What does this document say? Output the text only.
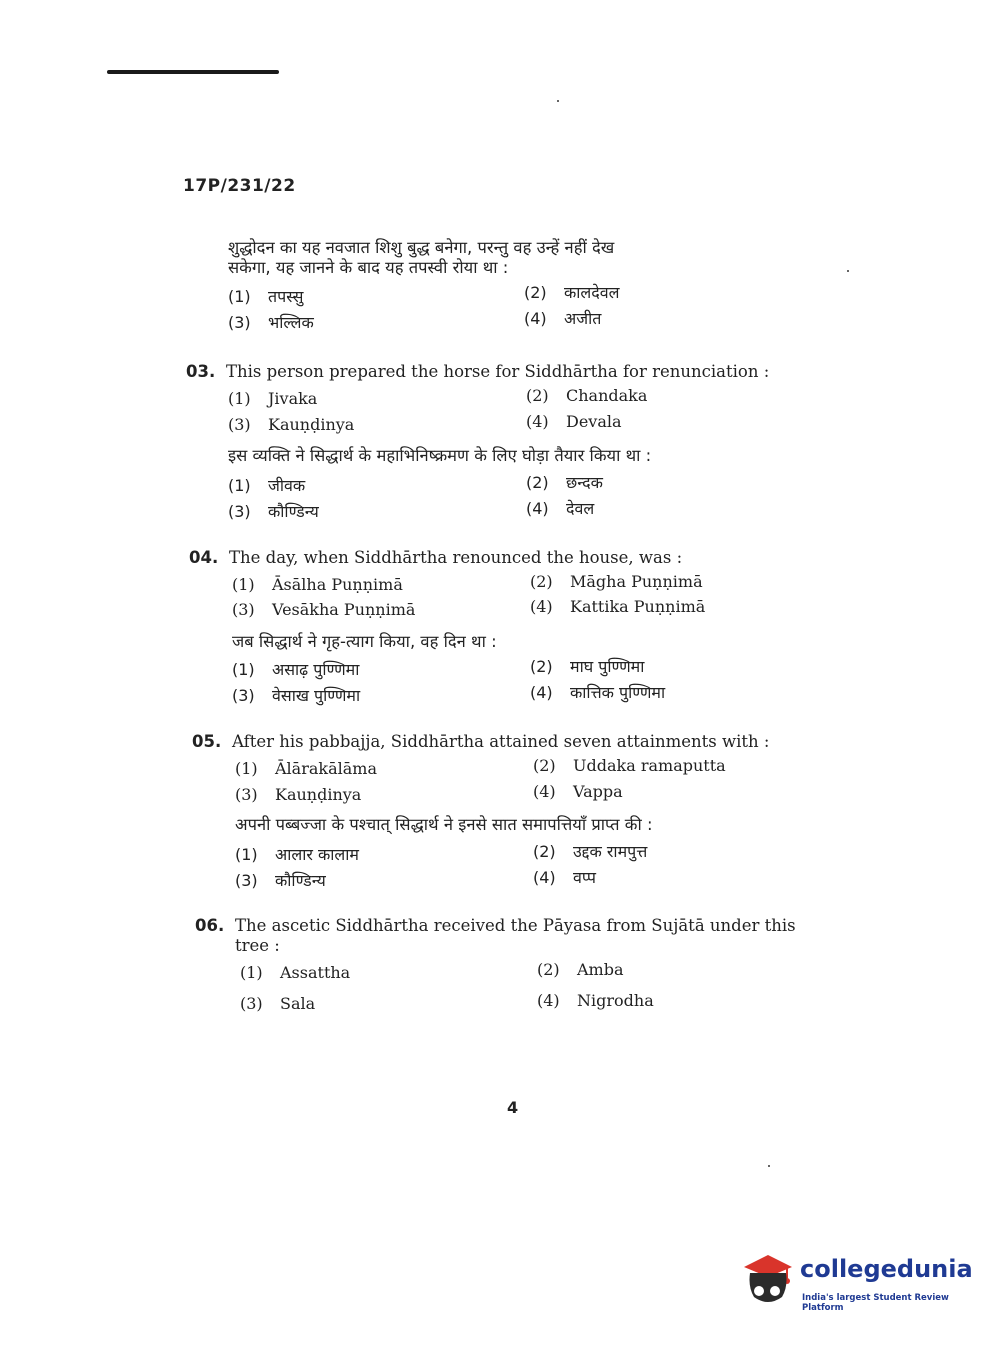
17P/231/22
शुद्धोदन का यह नवजात शिशु बुद्ध बनेगा, परन्तु वह उन्हें नहीं देख
सकेगा, यह जानने के बाद यह तपस्वी रोया था :
(1) तपस्सु	(2) कालदेवल
(3) भल्लिक	(4) अजीत
03. This person prepared the horse for Siddhārtha for renunciation :
(1) Jivaka	(2) Chandaka
(3) Kauṇḍinya	(4) Devala
इस व्यक्ति ने सिद्धार्थ के महाभिनिष्क्रमण के लिए घोड़ा तैयार किया था :
(1) जीवक	(2) छन्दक
(3) कौण्डिन्य	(4) देवल
04. The day, when Siddhārtha renounced the house, was :
(1) Āsālha Puṇṇimā	(2) Māgha Puṇṇimā
(3) Vesākha Puṇṇimā	(4) Kattika Puṇṇimā
जब सिद्धार्थ ने गृह-त्याग किया, वह दिन था :
(1) असाढ़ पुण्णिमा	(2) माघ पुण्णिमा
(3) वेसाख पुण्णिमा	(4) कात्तिक पुण्णिमा
05. After his pabbajja, Siddhārtha attained seven attainments with :
(1) Ālārakālāma	(2) Uddaka ramaputta
(3) Kauṇḍinya	(4) Vappa
अपनी पब्बज्जा के पश्चात् सिद्धार्थ ने इनसे सात समापत्तियाँ प्राप्त की :
(1) आलार कालाम	(2) उद्दक रामपुत्त
(3) कौण्डिन्य	(4) वप्प
06. The ascetic Siddhārtha received the Pāyasa from Sujātā under this
tree :
(1) Assattha	(2) Amba
(3) Sala	(4) Nigrodha
4
collegedunia
India's largest Student Review Platform
